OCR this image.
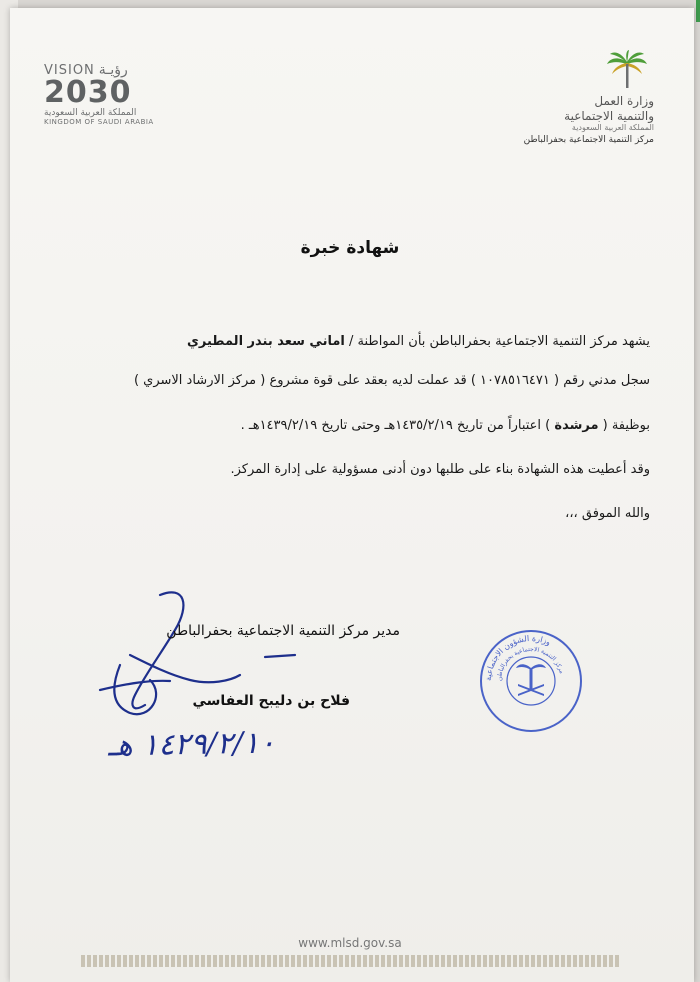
VISION رؤيـة
2030
المملكة العربية السعودية
KINGDOM OF SAUDI ARABIA
وزارة العمل
والتنمية الاجتماعية
المملكة العربية السعودية
مركز التنمية الاجتماعية بحفرالباطن
شهادة خبرة
يشهد مركز التنمية الاجتماعية بحفرالباطن بأن المواطنة / اماني سعد بندر المطيري
سجل مدني رقم ( ١٠٧٨٥١٦٤٧١ ) قد عملت لديه بعقد على قوة مشروع ( مركز الارشاد الاسري )
بوظيفة ( مرشدة ) اعتباراً من تاريخ ١٤٣٥/٢/١٩هـ وحتى تاريخ ١٤٣٩/٢/١٩هـ .
وقد أعطيت هذه الشهادة بناء على طلبها دون أدنى مسؤولية على إدارة المركز.
والله الموفق ،،،
مدير مركز التنمية الاجتماعية بحفرالباطن
فلاح بن دليبح العفاسي
١٤٢٩/٢/١٠ هـ
وزارة الشؤون الاجتماعية
مركز التنمية الاجتماعية بحفرالباطن
www.mlsd.gov.sa
